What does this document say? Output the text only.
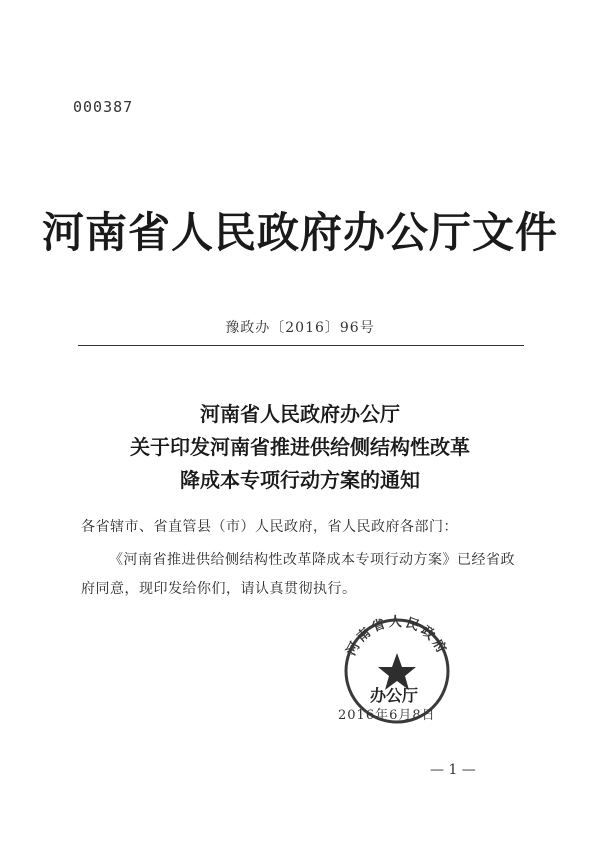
000387
河南省人民政府办公厅文件
豫政办〔2016〕96号
河南省人民政府办公厅
关于印发河南省推进供给侧结构性改革
降成本专项行动方案的通知
各省辖市、省直管县（市）人民政府，省人民政府各部门：
《河南省推进供给侧结构性改革降成本专项行动方案》已经省政府同意，现印发给你们，请认真贯彻执行。
河南省人民政府
办公厅
2016年6月8日
— 1 —
